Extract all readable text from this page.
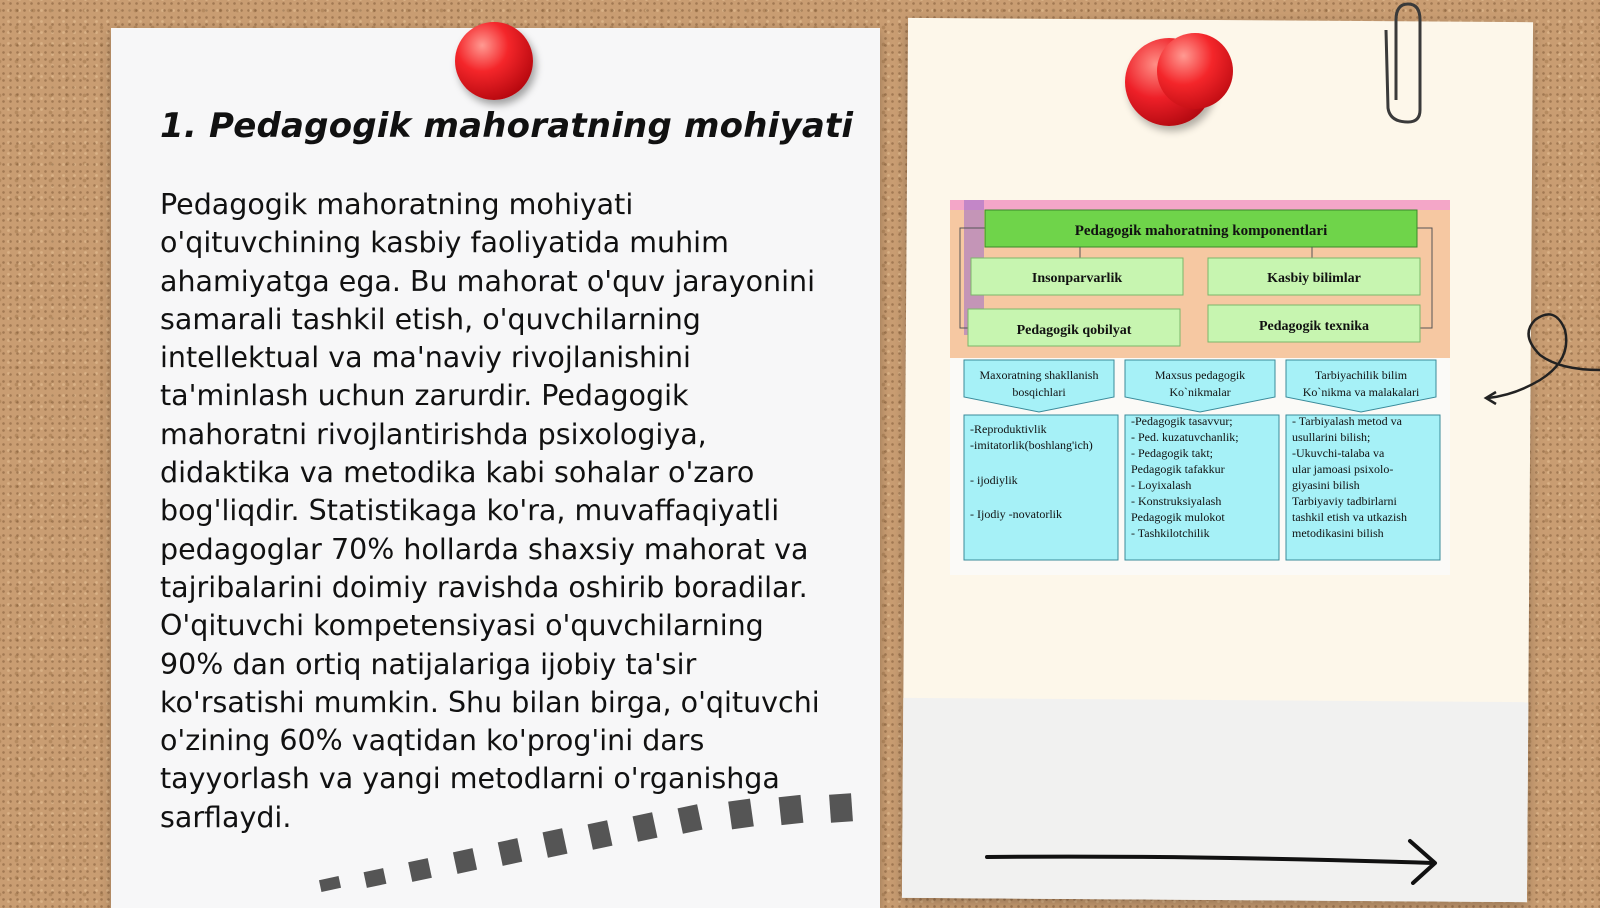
1. Pedagogik mahoratning mohiyati

Pedagogik mahoratning mohiyati o'qituvchining kasbiy faoliyatida muhim ahamiyatga ega. Bu mahorat o'quv jarayonini samarali tashkil etish, o'quvchilarning intellektual va ma'naviy rivojlanishini ta'minlash uchun zarurdir. Pedagogik mahoratni rivojlantirishda psixologiya, didaktika va metodika kabi sohalar o'zaro bog'liqdir. Statistikaga ko'ra, muvaffaqiyatli pedagoglar 70% hollarda shaxsiy mahorat va tajribalarini doimiy ravishda oshirib boradilar. O'qituvchi kompetensiyasi o'quvchilarning 90% dan ortiq natijalariga ijobiy ta'sir ko'rsatishi mumkin. Shu bilan birga, o'qituvchi o'zining 60% vaqtidan ko'prog'ini dars tayyorlash va yangi metodlarni o'rganishga sarflaydi.

Pedagogik mahoratning komponentlari
Insonparvarlik	Kasbiy bilimlar
Pedagogik qobilyat	Pedagogik texnika
Maxoratning shakllanish
bosqichlari
Maxsus pedagogik
Ko`nikmalar
Tarbiyachilik bilim
Ko`nikma va malakalari
-Reproduktivlik
-imitatorlik(boshlang'ich)
- ijodiylik
- Ijodiy -novatorlik
-Pedagogik tasavvur;
- Ped. kuzatuvchanlik;
- Pedagogik takt;
Pedagogik tafakkur
- Loyixalash
- Konstruksiyalash
Pedagogik mulokot
- Tashkilotchilik
- Tarbiyalash metod va
usullarini bilish;
-Ukuvchi-talaba va
ular jamoasi psixolo-
giyasini bilish
Tarbiyaviy tadbirlarni
tashkil etish va utkazish
metodikasini bilish
